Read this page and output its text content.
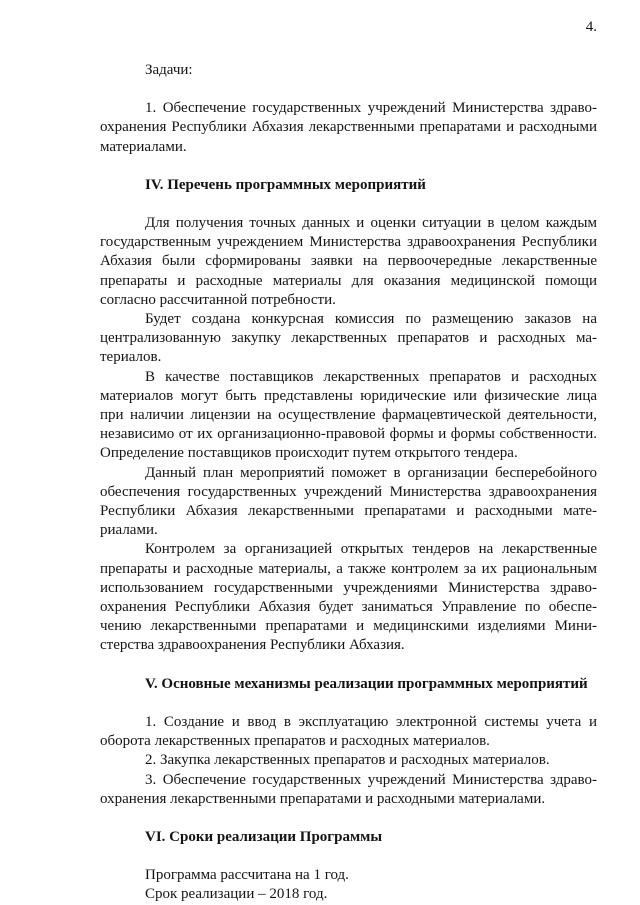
4.

Задачи:

1. Обеспечение государственных учреждений Министерства здравоохранения Республики Абхазия лекарственными препаратами и расходными материалами.

IV. Перечень программных мероприятий

Для получения точных данных и оценки ситуации в целом каждым государственным учреждением Министерства здравоохранения Республики Абхазия были сформированы заявки на первоочередные лекарственные препараты и расходные материалы для оказания медицинской помощи согласно рассчитанной потребности.

Будет создана конкурсная комиссия по размещению заказов на централизованную закупку лекарственных препаратов и расходных материалов.

В качестве поставщиков лекарственных препаратов и расходных материалов могут быть представлены юридические или физические лица при наличии лицензии на осуществление фармацевтической деятельности, независимо от их организационно-правовой формы и формы собственности. Определение поставщиков происходит путем открытого тендера.

Данный план мероприятий поможет в организации бесперебойного обеспечения государственных учреждений Министерства здравоохранения Республики Абхазия лекарственными препаратами и расходными материалами.

Контролем за организацией открытых тендеров на лекарственные препараты и расходные материалы, а также контролем за их рациональным использованием государственными учреждениями Министерства здравоохранения Республики Абхазия будет заниматься Управление по обеспечению лекарственными препаратами и медицинскими изделиями Министерства здравоохранения Республики Абхазия.

V. Основные механизмы реализации программных мероприятий

1. Создание и ввод в эксплуатацию электронной системы учета и оборота лекарственных препаратов и расходных материалов.

2. Закупка лекарственных препаратов и расходных материалов.

3. Обеспечение государственных учреждений Министерства здравоохранения лекарственными препаратами и расходными материалами.

VI. Сроки реализации Программы

Программа рассчитана на 1 год.

Срок реализации – 2018 год.
